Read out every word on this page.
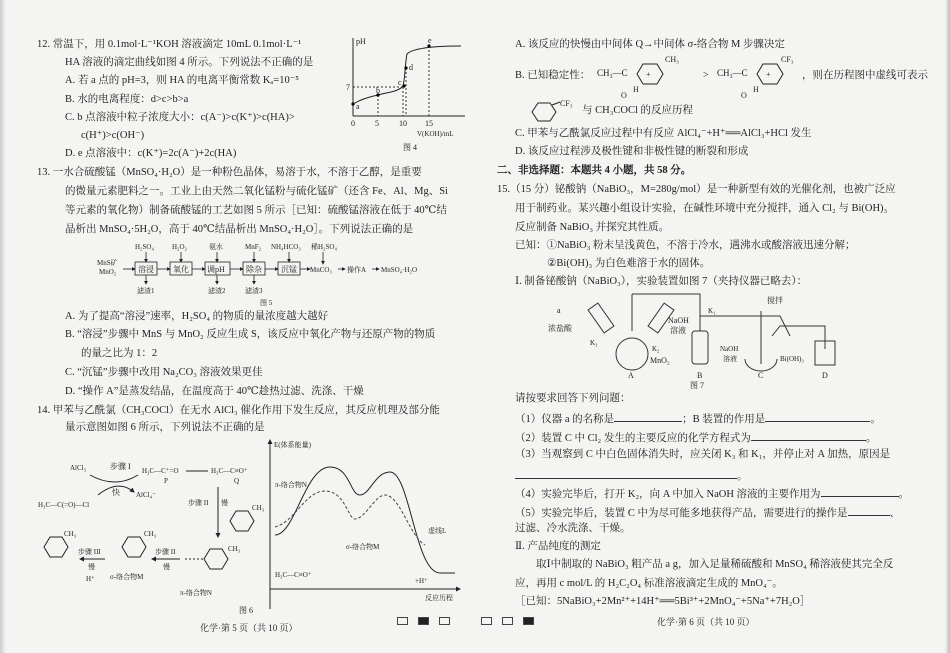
12. 常温下，用 0.1mol·L⁻¹KOH 溶液滴定 10mL 0.1mol·L⁻¹
HA 溶液的滴定曲线如图 4 所示。下列说法不正确的是
A. 若 a 点的 pH=3，则 HA 的电离平衡常数 Kₐ=10⁻⁵
B. 水的电离程度：d>c>b>a
C. b 点溶液中粒子浓度大小：c(A⁻)>c(K⁺)>c(HA)>
c(H⁺)>c(OH⁻)
D. e 点溶液中：c(K⁺)=2c(A⁻)+2c(HA)
pH
7
0	5	10 15
V(KOH)/mL
a
b
c
d
e
图 4
13. 一水合硫酸锰（MnSO₄·H₂O）是一种粉色晶体，易溶于水，不溶于乙醇，是重要
的微量元素肥料之一。工业上由天然二氧化锰粉与硫化锰矿（还含 Fe、Al、Mg、Si
等元素的氧化物）制备硫酸锰的工艺如图 5 所示［已知：硫酸锰溶液在低于 40℃结
晶析出 MnSO₄·5H₂O，高于 40℃结晶析出 MnSO₄·H₂O］。下列说法正确的是
MnS矿
MnO₂	溶浸 氧化 调pH	除杂 沉锰
H₂SO₄	H₂O₂	氨水	MnF₂ NH₄HCO₃ 稀H₂SO₄
MnCO₃ 操作A MnSO₄·H₂O
滤渣1	滤渣2	滤渣3
图 5
A. 为了提高“溶浸”速率，H₂SO₄ 的物质的量浓度越大越好
B. “溶浸”步骤中 MnS 与 MnO₂ 反应生成 S，该反应中氧化产物与还原产物的物质
的量之比为 1：2
C. “沉锰”步骤中改用 Na₂CO₃ 溶液效果更佳
D. “操作 A”是蒸发结晶，在温度高于 40℃趁热过滤、洗涤、干燥
14. 甲苯与乙酰氯（CH₃COCl）在无水 AlCl₃ 催化作用下发生反应，其反应机理及部分能
量示意图如图 6 所示，下列说法不正确的是
AlCl₃	步骤 I
快 AlCl₄⁻
H₃C—C(=O)—Cl
H₃C—C⁺=O
P
H₃C—C≡O⁺
Q
步骤 II 慢
CH₃
CH₃
π-络合物N
步骤 II
慢
CH₃
σ-络合物M
步骤 III
慢
H⁺
CH₃
E(体系能量)
反应历程
虚线L
π-络合物N
σ-络合物M
+H⁺
H₃C—C≡O⁺
图 6
化学·第 5 页（共 10 页）
A. 该反应的快慢由中间体 Q→中间体 σ-络合物 M 步骤决定
B. 已知稳定性： CH₃—C
O
H
+
CH₃
> CH₃—C
O
H
+
CF₃
，则在历程图中虚线可表示
CF₃
与 CH₃COCl 的反应历程
C. 甲苯与乙酰氯反应过程中有反应 AlCl₄⁻+H⁺══AlCl₃+HCl 发生
D. 该反应过程涉及极性键和非极性键的断裂和形成
二、非选择题：本题共 4 小题，共 58 分。
15.（15 分）铋酸钠（NaBiO₃，M=280g/mol）是一种新型有效的光催化剂，也被广泛应
用于制药业。某兴趣小组设计实验，在碱性环境中充分搅拌，通入 Cl₂ 与 Bi(OH)₃
反应制备 NaBiO₃ 并探究其性质。
已知：①NaBiO₃ 粉末呈浅黄色，不溶于冷水，遇沸水或酸溶液迅速分解；
②Bi(OH)₃ 为白色难溶于水的固体。
Ⅰ. 制备铋酸钠（NaBiO₃），实验装置如图 7（夹持仪器已略去）：
a
浓盐酸
K₃
K₂
K₁
NaOH
溶液
MnO₂
搅拌
NaOH
溶液	Bi(OH)₃
A	B	C	D
图 7
请按要求回答下列问题：
（1）仪器 a 的名称是	；B 装置的作用是	。
（2）装置 C 中 Cl₂ 发生的主要反应的化学方程式为	。
（3）当观察到 C 中白色固体消失时，应关闭 K₃ 和 K₁，并停止对 A 加热，原因是
。
（4）实验完毕后，打开 K₂，向 A 中加入 NaOH 溶液的主要作用为	。
（5）实验完毕后，装置 C 中为尽可能多地获得产品，需要进行的操作是	、
过滤、冷水洗涤、干燥。
Ⅱ. 产品纯度的测定
取Ⅰ中制取的 NaBiO₃ 粗产品 a g，加入足量稀硫酸和 MnSO₄ 稀溶液使其完全反
应，再用 c mol/L 的 H₂C₂O₄ 标准溶液滴定生成的 MnO₄⁻。
［已知：5NaBiO₃+2Mn²⁺+14H⁺══5Bi³⁺+2MnO₄⁻+5Na⁺+7H₂O］
化学·第 6 页（共 10 页）
